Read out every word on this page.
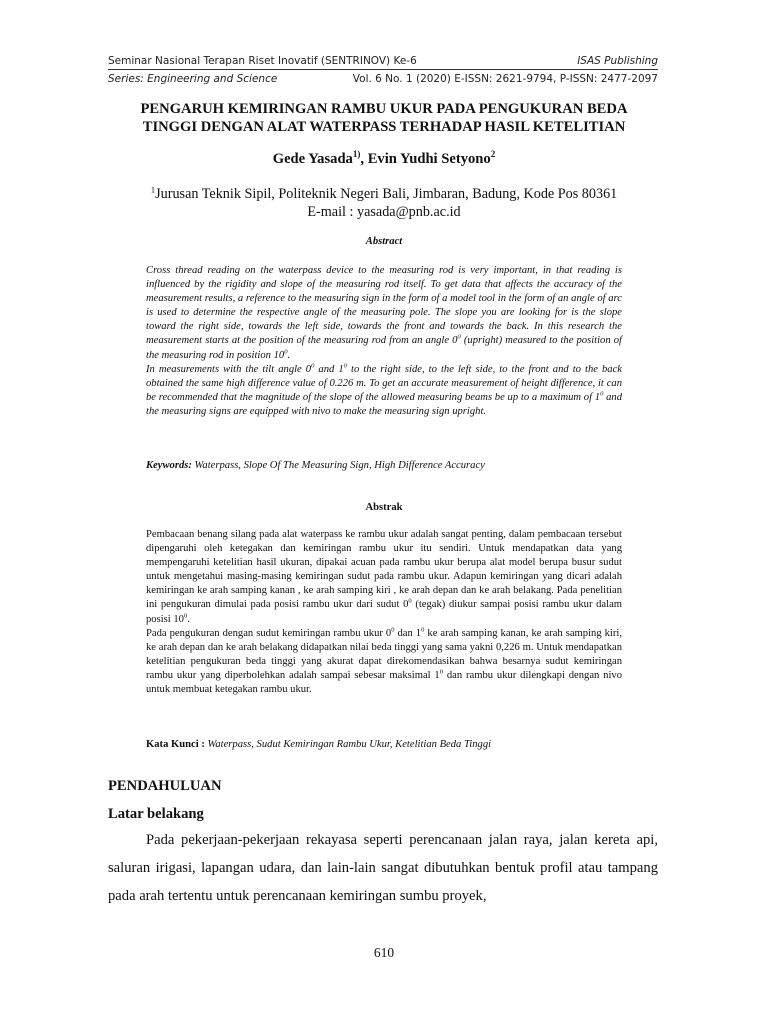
Seminar Nasional Terapan Riset Inovatif (SENTRINOV) Ke-6	ISAS Publishing
Series: Engineering and Science	Vol. 6 No. 1 (2020) E-ISSN: 2621-9794, P-ISSN: 2477-2097
PENGARUH KEMIRINGAN RAMBU UKUR PADA PENGUKURAN BEDA
TINGGI DENGAN ALAT WATERPASS TERHADAP HASIL KETELITIAN
Gede Yasada$^{1)}$, Evin Yudhi Setyono$^2$
$^1$Jurusan Teknik Sipil, Politeknik Negeri Bali, Jimbaran, Badung, Kode Pos 80361
E-mail : yasada@pnb.ac.id
Abstract

Cross thread reading on the waterpass device to the measuring rod is very important, in that reading is influenced by the rigidity and slope of the measuring rod itself. To get data that affects the accuracy of the measurement results, a reference to the measuring sign in the form of a model tool in the form of an angle of arc is used to determine the respective angle of the measuring pole. The slope you are looking for is the slope toward the right side, towards the left side, towards the front and towards the back. In this research the measurement starts at the position of the measuring rod from an angle $0^0$ (upright) measured to the position of the measuring rod in position $10^0$.

In measurements with the tilt angle $0^0$ and $1^0$ to the right side, to the left side, to the front and to the back obtained the same high difference value of 0.226 m. To get an accurate measurement of height difference, it can be recommended that the magnitude of the slope of the allowed measuring beams be up to a maximum of $1^0$ and the measuring signs are equipped with nivo to make the measuring sign upright.

Keywords: Waterpass, Slope Of The Measuring Sign, High Difference Accuracy
Abstrak

Pembacaan benang silang pada alat waterpass ke rambu ukur adalah sangat penting, dalam pembacaan tersebut dipengaruhi oleh ketegakan dan kemiringan rambu ukur itu sendiri. Untuk mendapatkan data yang mempengaruhi ketelitian hasil ukuran, dipakai acuan pada rambu ukur berupa alat model berupa busur sudut untuk mengetahui masing-masing kemiringan sudut pada rambu ukur. Adapun kemiringan yang dicari adalah kemiringan ke arah samping kanan , ke arah samping kiri , ke arah depan dan ke arah belakang. Pada penelitian ini pengukuran dimulai pada posisi rambu ukur dari sudut $0^0$ (tegak) diukur sampai posisi rambu ukur dalam posisi $10^0$.

Pada pengukuran dengan sudut kemiringan rambu ukur $0^0$ dan $1^0$ ke arah samping kanan, ke arah samping kiri, ke arah depan dan ke arah belakang didapatkan nilai beda tinggi yang sama yakni 0,226 m. Untuk mendapatkan ketelitian pengukuran beda tinggi yang akurat dapat direkomendasikan bahwa besarnya sudut kemiringan rambu ukur yang diperbolehkan adalah sampai sebesar maksimal $1^0$ dan rambu ukur dilengkapi dengan nivo untuk membuat ketegakan rambu ukur.

Kata Kunci : Waterpass, Sudut Kemiringan Rambu Ukur, Ketelitian Beda Tinggi
PENDAHULUAN
Latar belakang

Pada pekerjaan-pekerjaan rekayasa seperti perencanaan jalan raya, jalan kereta api, saluran irigasi, lapangan udara, dan lain-lain sangat dibutuhkan bentuk profil atau tampang pada arah tertentu untuk perencanaan kemiringan sumbu proyek,

610
